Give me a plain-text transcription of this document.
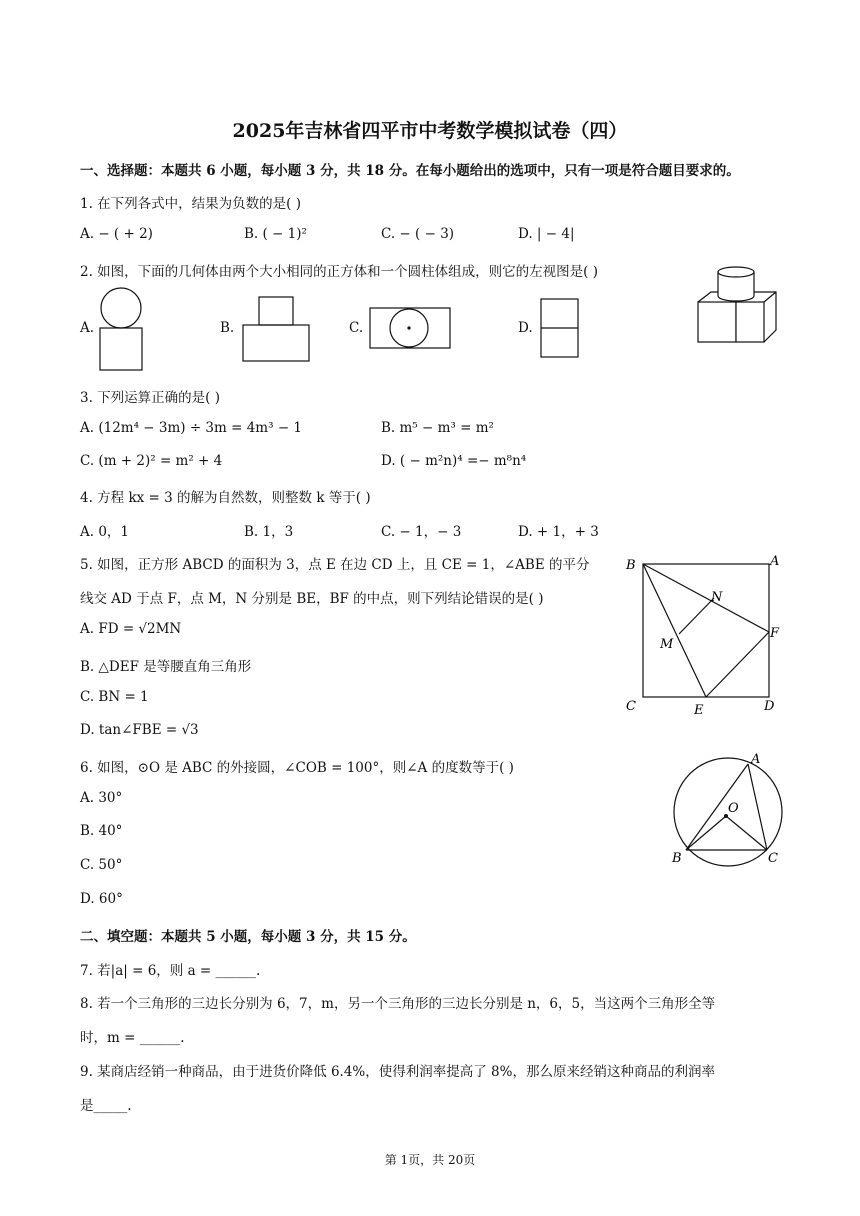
2025年吉林省四平市中考数学模拟试卷（四）
一、选择题：本题共 6 小题，每小题 3 分，共 18 分。在每小题给出的选项中，只有一项是符合题目要求的。
1. 在下列各式中，结果为负数的是( )
A. − ( + 2)	B. ( − 1)²	C. − ( − 3)	D. | − 4|
2. 如图，下面的几何体由两个大小相同的正方体和一个圆柱体组成，则它的左视图是( )
A.	B.	C.	D.
3. 下列运算正确的是( )
A. (12m⁴ − 3m) ÷ 3m = 4m³ − 1	B. m⁵ − m³ = m²
C. (m + 2)² = m² + 4	D. ( − m²n)⁴ =− m⁸n⁴
4. 方程 kx = 3 的解为自然数，则整数 k 等于( )
A. 0，1	B. 1，3	C. − 1，− 3	D. + 1，+ 3
5. 如图，正方形 ABCD 的面积为 3，点 E 在边 CD 上，且 CE = 1，∠ABE 的平分
线交 AD 于点 F，点 M，N 分别是 BE，BF 的中点，则下列结论错误的是( )
A. FD = √2MN
B. △DEF 是等腰直角三角形
C. BN = 1
D. tan∠FBE = √3
B	A
N
M
F
C	E	D
6. 如图，⊙O 是 ABC 的外接圆，∠COB = 100°，则∠A 的度数等于( )
A. 30°
B. 40°
C. 50°
D. 60°
A
O
B	C
二、填空题：本题共 5 小题，每小题 3 分，共 15 分。
7. 若|a| = 6，则 a = ______.
8. 若一个三角形的三边长分别为 6，7，m，另一个三角形的三边长分别是 n，6，5，当这两个三角形全等
时，m = ______.
9. 某商店经销一种商品，由于进货价降低 6.4%，使得利润率提高了 8%，那么原来经销这种商品的利润率
是_____.
第 1页，共 20页
